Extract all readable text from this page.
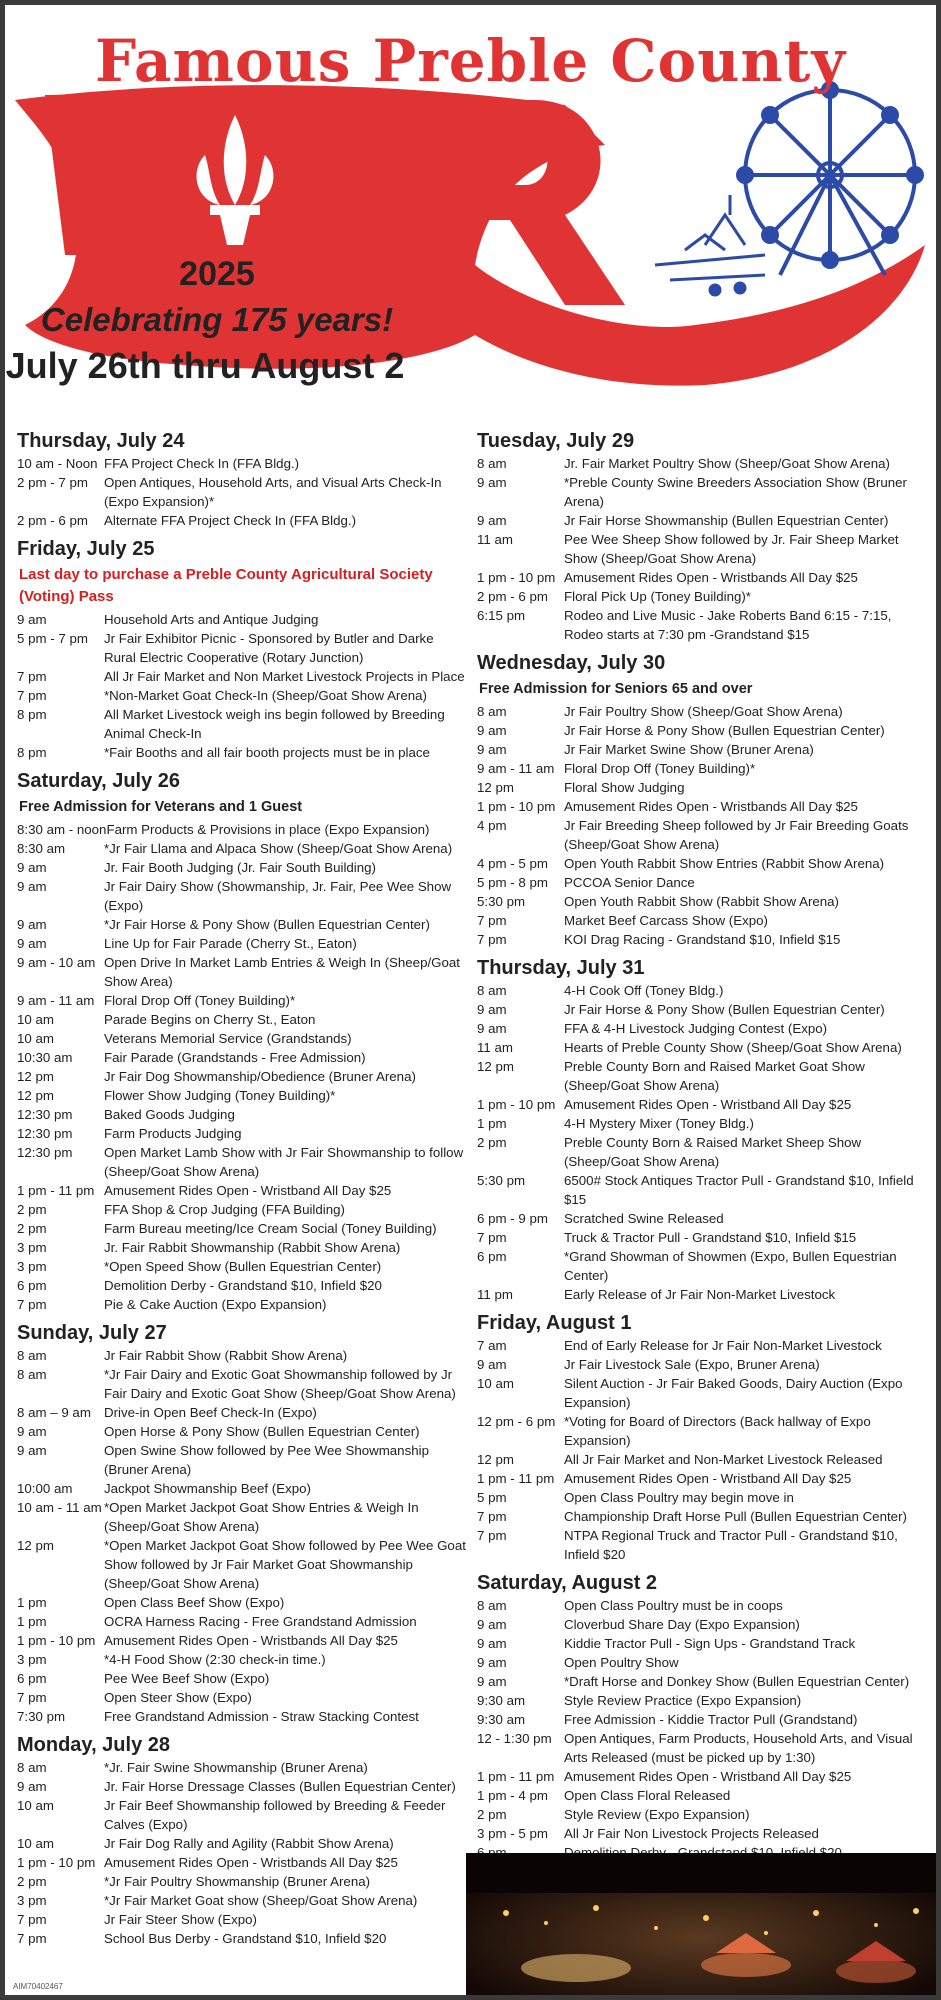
Famous Preble County
2025
Celebrating 175 years!
July 26th thru August 2
Thursday, July 24
10 am - Noon FFA Project Check In (FFA Bldg.)
2 pm - 7 pm	Open Antiques, Household Arts, and Visual Arts Check-In (Expo Expansion)*
2 pm - 6 pm	Alternate FFA Project Check In (FFA Bldg.)
Friday, July 25
Last day to purchase a Preble County Agricultural Society (Voting) Pass
9 am	Household Arts and Antique Judging
5 pm - 7 pm	Jr Fair Exhibitor Picnic - Sponsored by Butler and Darke Rural Electric Cooperative (Rotary Junction)
7 pm	All Jr Fair Market and Non Market Livestock Projects in Place
7 pm	*Non-Market Goat Check-In (Sheep/Goat Show Arena)
8 pm	All Market Livestock weigh ins begin followed by Breeding Animal Check-In
8 pm	*Fair Booths and all fair booth projects must be in place
Saturday, July 26
Free Admission for Veterans and 1 Guest
8:30 am - noon Farm Products & Provisions in place (Expo Expansion)
8:30 am	*Jr Fair Llama and Alpaca Show (Sheep/Goat Show Arena)
9 am	Jr. Fair Booth Judging (Jr. Fair South Building)
9 am	Jr Fair Dairy Show (Showmanship, Jr. Fair, Pee Wee Show (Expo)
9 am	*Jr Fair Horse & Pony Show (Bullen Equestrian Center)
9 am	Line Up for Fair Parade (Cherry St., Eaton)
9 am - 10 am Open Drive In Market Lamb Entries & Weigh In (Sheep/Goat Show Area)
9 am - 11 am Floral Drop Off (Toney Building)*
10 am	Parade Begins on Cherry St., Eaton
10 am	Veterans Memorial Service (Grandstands)
10:30 am	Fair Parade (Grandstands - Free Admission)
12 pm	Jr Fair Dog Showmanship/Obedience (Bruner Arena)
12 pm	Flower Show Judging (Toney Building)*
12:30 pm	Baked Goods Judging
12:30 pm	Farm Products Judging
12:30 pm	Open Market Lamb Show with Jr Fair Showmanship to follow (Sheep/Goat Show Arena)
1 pm - 11 pm Amusement Rides Open - Wristband All Day $25
2 pm	FFA Shop & Crop Judging (FFA Building)
2 pm	Farm Bureau meeting/Ice Cream Social (Toney Building)
3 pm	Jr. Fair Rabbit Showmanship (Rabbit Show Arena)
3 pm	*Open Speed Show (Bullen Equestrian Center)
6 pm	Demolition Derby - Grandstand $10, Infield $20
7 pm	Pie & Cake Auction (Expo Expansion)
Sunday, July 27
8 am	Jr Fair Rabbit Show (Rabbit Show Arena)
8 am	*Jr Fair Dairy and Exotic Goat Showmanship followed by Jr Fair Dairy and Exotic Goat Show (Sheep/Goat Show Arena)
8 am – 9 am Drive-in Open Beef Check-In (Expo)
9 am	Open Horse & Pony Show (Bullen Equestrian Center)
9 am	Open Swine Show followed by Pee Wee Showmanship (Bruner Arena)
10:00 am	Jackpot Showmanship Beef (Expo)
10 am - 11 am *Open Market Jackpot Goat Show Entries & Weigh In (Sheep/Goat Show Arena)
12 pm	*Open Market Jackpot Goat Show followed by Pee Wee Goat Show followed by Jr Fair Market Goat Showmanship (Sheep/Goat Show Arena)
1 pm	Open Class Beef Show (Expo)
1 pm	OCRA Harness Racing - Free Grandstand Admission
1 pm - 10 pm Amusement Rides Open - Wristbands All Day $25
3 pm	*4-H Food Show (2:30 check-in time.)
6 pm	Pee Wee Beef Show (Expo)
7 pm	Open Steer Show (Expo)
7:30 pm	Free Grandstand Admission - Straw Stacking Contest
Monday, July 28
8 am	*Jr. Fair Swine Showmanship (Bruner Arena)
9 am	Jr. Fair Horse Dressage Classes (Bullen Equestrian Center)
10 am	Jr Fair Beef Showmanship followed by Breeding & Feeder Calves (Expo)
10 am	Jr Fair Dog Rally and Agility (Rabbit Show Arena)
1 pm - 10 pm Amusement Rides Open - Wristbands All Day $25
2 pm	*Jr Fair Poultry Showmanship (Bruner Arena)
3 pm	*Jr Fair Market Goat show (Sheep/Goat Show Arena)
7 pm	Jr Fair Steer Show (Expo)
7 pm	School Bus Derby - Grandstand $10, Infield $20
Tuesday, July 29
8 am	Jr. Fair Market Poultry Show (Sheep/Goat Show Arena)
9 am	*Preble County Swine Breeders Association Show (Bruner Arena)
9 am	Jr Fair Horse Showmanship (Bullen Equestrian Center)
11 am	Pee Wee Sheep Show followed by Jr. Fair Sheep Market Show (Sheep/Goat Show Arena)
1 pm - 10 pm Amusement Rides Open - Wristbands All Day $25
2 pm - 6 pm	Floral Pick Up (Toney Building)*
6:15 pm	Rodeo and Live Music - Jake Roberts Band 6:15 - 7:15, Rodeo starts at 7:30 pm -Grandstand $15
Wednesday, July 30
Free Admission for Seniors 65 and over
8 am	Jr Fair Poultry Show (Sheep/Goat Show Arena)
9 am	Jr Fair Horse & Pony Show (Bullen Equestrian Center)
9 am	Jr Fair Market Swine Show (Bruner Arena)
9 am - 11 am Floral Drop Off (Toney Building)*
12 pm	Floral Show Judging
1 pm - 10 pm Amusement Rides Open - Wristbands All Day $25
4 pm	Jr Fair Breeding Sheep followed by Jr Fair Breeding Goats (Sheep/Goat Show Arena)
4 pm - 5 pm	Open Youth Rabbit Show Entries (Rabbit Show Arena)
5 pm - 8 pm	PCCOA Senior Dance
5:30 pm	Open Youth Rabbit Show (Rabbit Show Arena)
7 pm	Market Beef Carcass Show (Expo)
7 pm	KOI Drag Racing - Grandstand $10, Infield $15
Thursday, July 31
8 am	4-H Cook Off (Toney Bldg.)
9 am	Jr Fair Horse & Pony Show (Bullen Equestrian Center)
9 am	FFA & 4-H Livestock Judging Contest (Expo)
11 am	Hearts of Preble County Show (Sheep/Goat Show Arena)
12 pm	Preble County Born and Raised Market Goat Show (Sheep/Goat Show Arena)
1 pm - 10 pm Amusement Rides Open - Wristband All Day $25
1 pm	4-H Mystery Mixer (Toney Bldg.)
2 pm	Preble County Born & Raised Market Sheep Show (Sheep/Goat Show Arena)
5:30 pm	6500# Stock Antiques Tractor Pull - Grandstand $10, Infield $15
6 pm - 9 pm	Scratched Swine Released
7 pm	Truck & Tractor Pull - Grandstand $10, Infield $15
6 pm	*Grand Showman of Showmen (Expo, Bullen Equestrian Center)
11 pm	Early Release of Jr Fair Non-Market Livestock
Friday, August 1
7 am	End of Early Release for Jr Fair Non-Market Livestock
9 am	Jr Fair Livestock Sale (Expo, Bruner Arena)
10 am	Silent Auction - Jr Fair Baked Goods, Dairy Auction (Expo Expansion)
12 pm - 6 pm *Voting for Board of Directors (Back hallway of Expo Expansion)
12 pm	All Jr Fair Market and Non-Market Livestock Released
1 pm - 11 pm Amusement Rides Open - Wristband All Day $25
5 pm	Open Class Poultry may begin move in
7 pm	Championship Draft Horse Pull (Bullen Equestrian Center)
7 pm	NTPA Regional Truck and Tractor Pull - Grandstand $10, Infield $20
Saturday, August 2
8 am	Open Class Poultry must be in coops
9 am	Cloverbud Share Day (Expo Expansion)
9 am	Kiddie Tractor Pull - Sign Ups - Grandstand Track
9 am	Open Poultry Show
9 am	*Draft Horse and Donkey Show (Bullen Equestrian Center)
9:30 am	Style Review Practice (Expo Expansion)
9:30 am	Free Admission - Kiddie Tractor Pull (Grandstand)
12 - 1:30 pm Open Antiques, Farm Products, Household Arts, and Visual Arts Released (must be picked up by 1:30)
1 pm - 11 pm Amusement Rides Open - Wristband All Day $25
1 pm - 4 pm	Open Class Floral Released
2 pm	Style Review (Expo Expansion)
3 pm - 5 pm	All Jr Fair Non Livestock Projects Released
AIM70402467
